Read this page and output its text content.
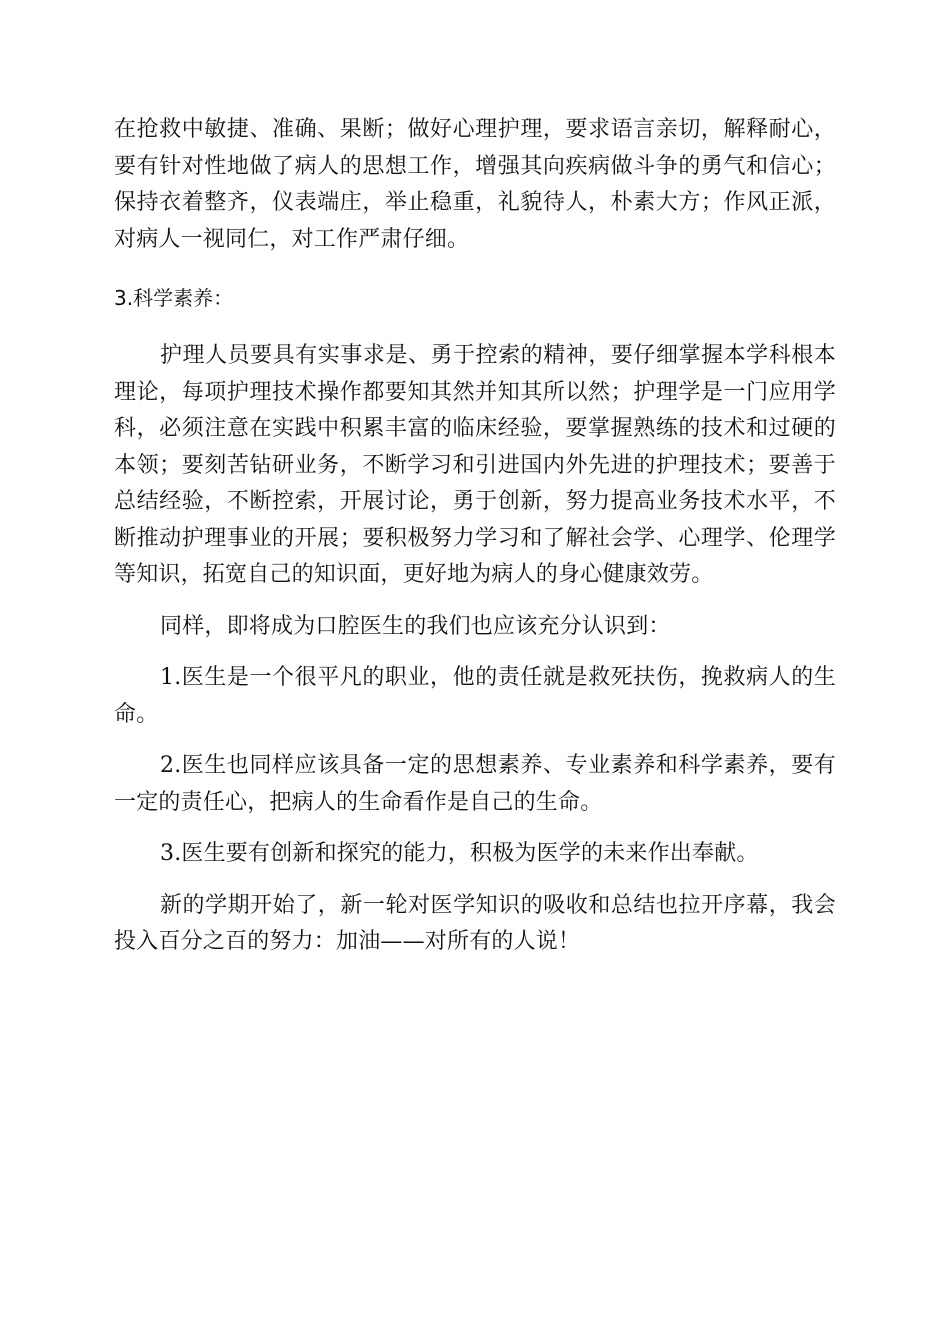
在抢救中敏捷、准确、果断；做好心理护理，要求语言亲切，解释耐心，要有针对性地做了病人的思想工作，增强其向疾病做斗争的勇气和信心；保持衣着整齐，仪表端庄，举止稳重，礼貌待人，朴素大方；作风正派，对病人一视同仁，对工作严肃仔细。

3.科学素养：

护理人员要具有实事求是、勇于控索的精神，要仔细掌握本学科根本理论，每项护理技术操作都要知其然并知其所以然；护理学是一门应用学科，必须注意在实践中积累丰富的临床经验，要掌握熟练的技术和过硬的本领；要刻苦钻研业务，不断学习和引进国内外先进的护理技术；要善于总结经验，不断控索，开展讨论，勇于创新，努力提高业务技术水平，不断推动护理事业的开展；要积极努力学习和了解社会学、心理学、伦理学等知识，拓宽自己的知识面，更好地为病人的身心健康效劳。

同样，即将成为口腔医生的我们也应该充分认识到：

1.医生是一个很平凡的职业，他的责任就是救死扶伤，挽救病人的生命。

2.医生也同样应该具备一定的思想素养、专业素养和科学素养，要有一定的责任心，把病人的生命看作是自己的生命。

3.医生要有创新和探究的能力，积极为医学的未来作出奉献。

新的学期开始了，新一轮对医学知识的吸收和总结也拉开序幕，我会投入百分之百的努力：加油——对所有的人说！
